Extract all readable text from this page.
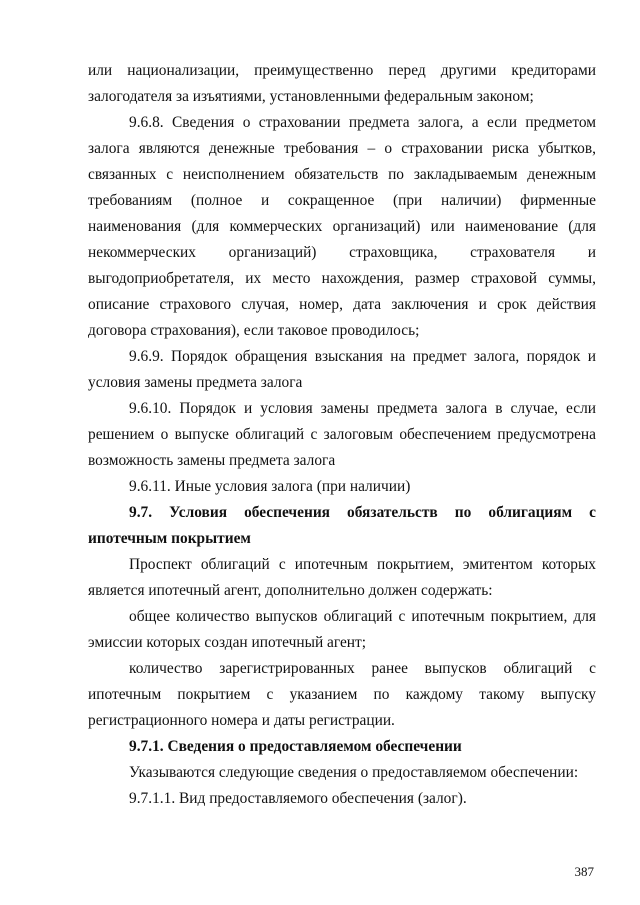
или национализации, преимущественно перед другими кредиторами залогодателя за изъятиями, установленными федеральным законом;

9.6.8. Сведения о страховании предмета залога, а если предметом залога являются денежные требования – о страховании риска убытков, связанных с неисполнением обязательств по закладываемым денежным требованиям (полное и сокращенное (при наличии) фирменные наименования (для коммерческих организаций) или наименование (для некоммерческих организаций) страховщика, страхователя и выгодоприобретателя, их место нахождения, размер страховой суммы, описание страхового случая, номер, дата заключения и срок действия договора страхования), если таковое проводилось;

9.6.9. Порядок обращения взыскания на предмет залога, порядок и условия замены предмета залога

9.6.10. Порядок и условия замены предмета залога в случае, если решением о выпуске облигаций с залоговым обеспечением предусмотрена возможность замены предмета залога

9.6.11. Иные условия залога (при наличии)

9.7. Условия обеспечения обязательств по облигациям с ипотечным покрытием

Проспект облигаций с ипотечным покрытием, эмитентом которых является ипотечный агент, дополнительно должен содержать:

общее количество выпусков облигаций с ипотечным покрытием, для эмиссии которых создан ипотечный агент;

количество зарегистрированных ранее выпусков облигаций с ипотечным покрытием с указанием по каждому такому выпуску регистрационного номера и даты регистрации.

9.7.1. Сведения о предоставляемом обеспечении

Указываются следующие сведения о предоставляемом обеспечении:

9.7.1.1. Вид предоставляемого обеспечения (залог).

387
